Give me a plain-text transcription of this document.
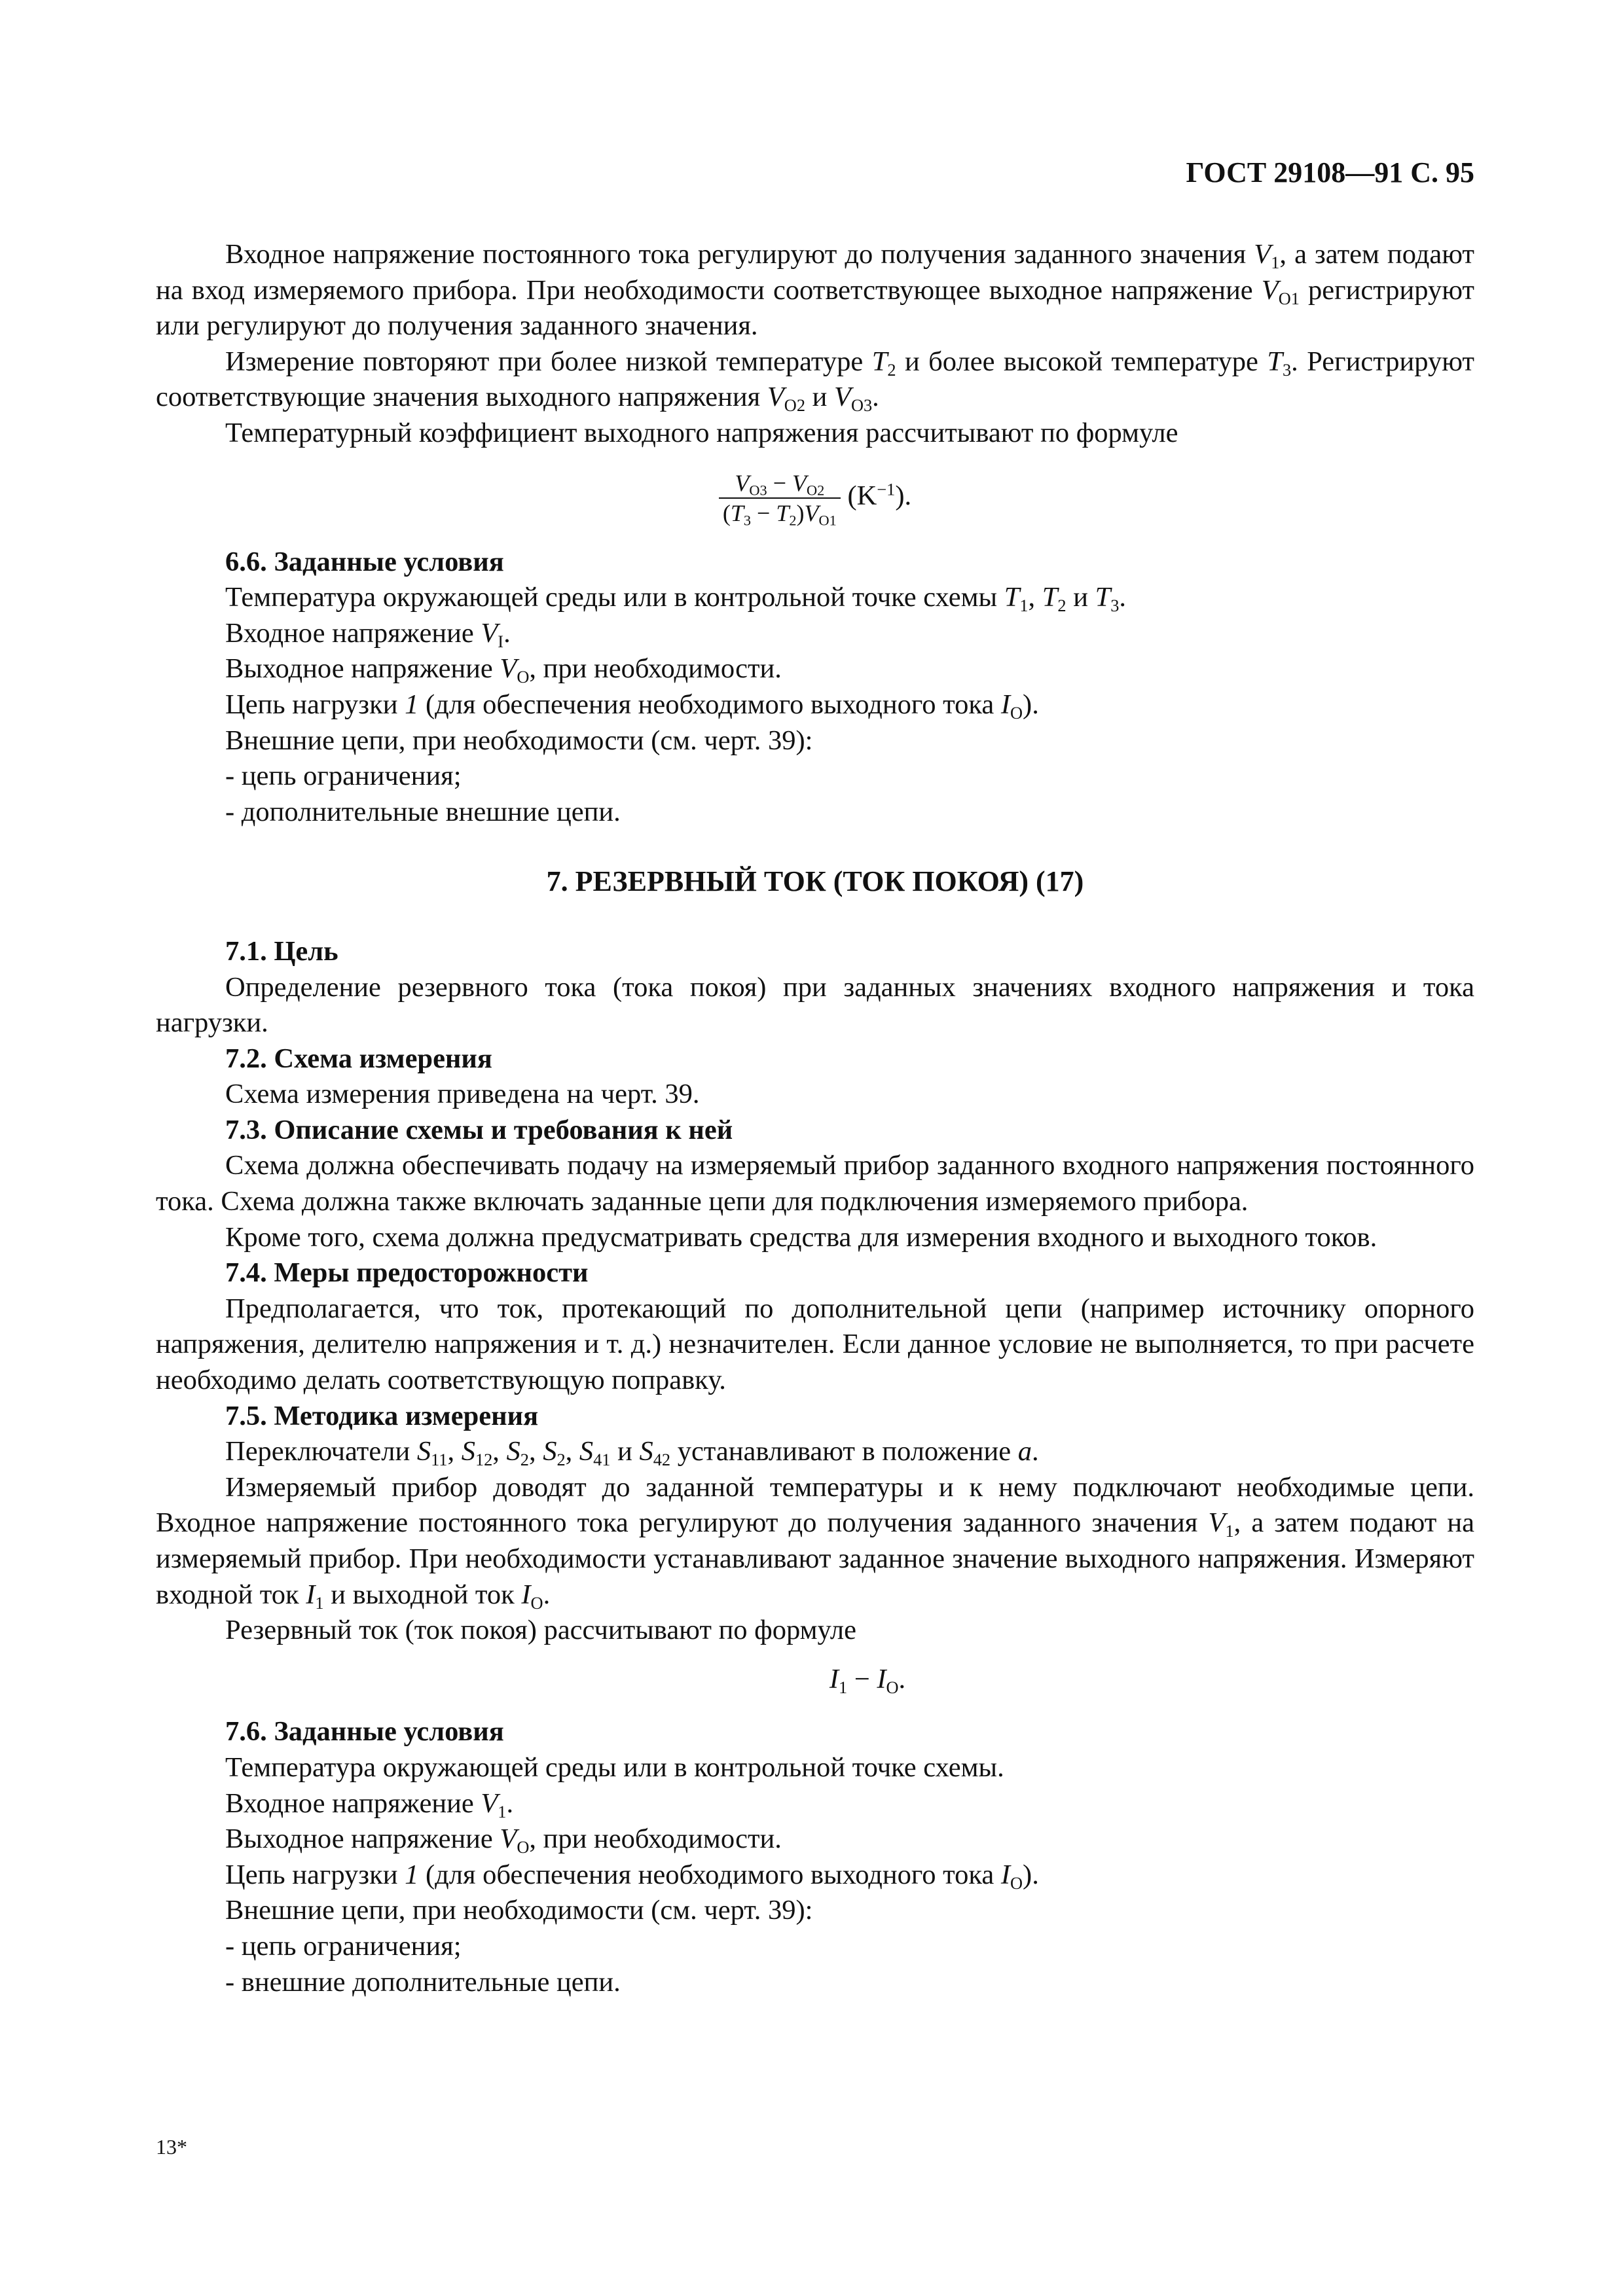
ГОСТ 29108—91 С. 95

Входное напряжение постоянного тока регулируют до получения заданного значения $V_1$, а затем подают на вход измеряемого прибора. При необходимости соответствующее выходное напряжение $V_{O1}$ регистрируют или регулируют до получения заданного значения.

Измерение повторяют при более низкой температуре $T_2$ и более высокой температуре $T_3$. Регистрируют соответствующие значения выходного напряжения $V_{O2}$ и $V_{O3}$.

Температурный коэффициент выходного напряжения рассчитывают по формуле

$\frac{V_{O3} - V_{O2}}{(T_3 - T_2)V_{O1}} (K^{-1})$.
6.6. Заданные условия
Температура окружающей среды или в контрольной точке схемы $T_1$, $T_2$ и $T_3$.
Входное напряжение $V_I$.
Выходное напряжение $V_O$, при необходимости.
Цепь нагрузки 1 (для обеспечения необходимого выходного тока $I_O$).
Внешние цепи, при необходимости (см. черт. 39):
- цепь ограничения;
- дополнительные внешние цепи.
7. РЕЗЕРВНЫЙ ТОК (ТОК ПОКОЯ) (17)
7.1. Цель

Определение резервного тока (тока покоя) при заданных значениях входного напряжения и тока нагрузки.

7.2. Схема измерения

Схема измерения приведена на черт. 39.

7.3. Описание схемы и требования к ней

Схема должна обеспечивать подачу на измеряемый прибор заданного входного напряжения постоянного тока. Схема должна также включать заданные цепи для подключения измеряемого прибора.

Кроме того, схема должна предусматривать средства для измерения входного и выходного токов.

7.4. Меры предосторожности

Предполагается, что ток, протекающий по дополнительной цепи (например источнику опорного напряжения, делителю напряжения и т. д.) незначителен. Если данное условие не выполняется, то при расчете необходимо делать соответствующую поправку.

7.5. Методика измерения

Переключатели $S_{11}$, $S_{12}$, $S_2$, $S_2$, $S_{41}$ и $S_{42}$ устанавливают в положение a.

Измеряемый прибор доводят до заданной температуры и к нему подключают необходимые цепи. Входное напряжение постоянного тока регулируют до получения заданного значения $V_1$, а затем подают на измеряемый прибор. При необходимости устанавливают заданное значение выходного напряжения. Измеряют входной ток $I_1$ и выходной ток $I_O$.

Резервный ток (ток покоя) рассчитывают по формуле

$I_1 - I_O$.
7.6. Заданные условия
Температура окружающей среды или в контрольной точке схемы.
Входное напряжение $V_1$.
Выходное напряжение $V_O$, при необходимости.
Цепь нагрузки 1 (для обеспечения необходимого выходного тока $I_O$).
Внешние цепи, при необходимости (см. черт. 39):
- цепь ограничения;
- внешние дополнительные цепи.
13*
